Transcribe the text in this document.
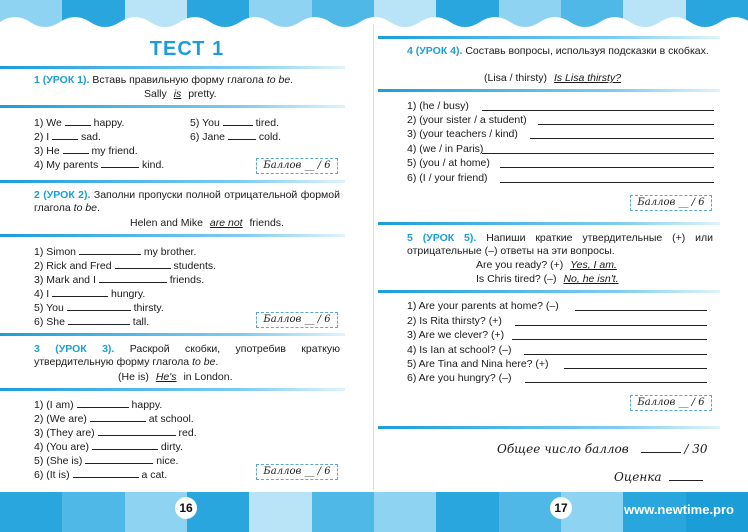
ТЕСТ 1
1 (УРОК 1). Вставь правильную форму глагола to be.
Sally is pretty.
1) We	happy.
2) I	sad.
3) He	my friend.
4) My parents	kind.
5) You	tired.
6) Jane	cold.
Баллов __ / 6
2 (УРОК 2). Заполни пропуски полной отрицательной формой глагола to be.
Helen and Mike are not friends.
1) Simon	my brother.
2) Rick and Fred	students.
3) Mark and I	friends.
4) I	hungry.
5) You	thirsty.
6) She	tall.	Баллов __ / 6
3 (УРОК 3). Раскрой скобки, употребив краткую утвердительную форму глагола to be.
(He is) He's in London.
1) (I am)	happy.
2) (We are)	at school.
3) (They are)	red.
4) (You are)	dirty.
5) (She is)	nice.
6) (It is)	a cat.	Баллов __ / 6
4 (УРОК 4). Составь вопросы, используя подсказки в скобках.
(Lisa / thirsty) Is Lisa thirsty?
1) (he / busy)
2) (your sister / a student)
3) (your teachers / kind)
4) (we / in Paris)
5) (you / at home)
6) (I / your friend)
Баллов __ / 6
5 (УРОК 5). Напиши краткие утвердительные (+) или отрицательные (–) ответы на эти вопросы.
Are you ready? (+) Yes, I am.
Is Chris tired? (–) No, he isn't.
1) Are your parents at home? (–)
2) Is Rita thirsty? (+)
3) Are we clever? (+)
4) Is Ian at school? (–)
5) Are Tina and Nina here? (+)
6) Are you hungry? (–)
Баллов __ / 6
Общее число баллов	/ 30
Оценка
16	17	www.newtime.pro
